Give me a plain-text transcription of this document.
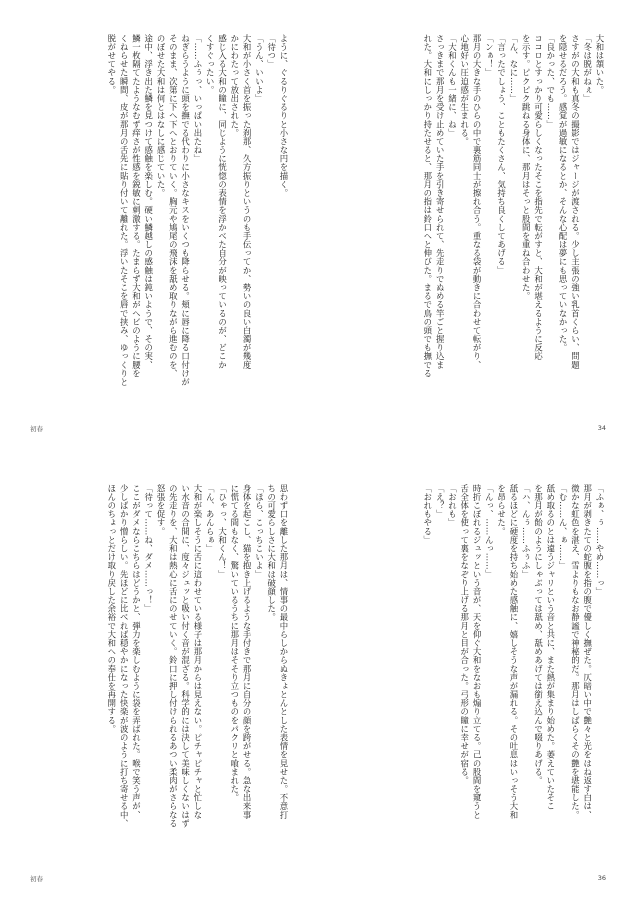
ように、ぐるりぐるりと小さな円を描く。
「待つ」
「うん、いいよ」
大和が小さく首を振った刹那、久方振りというのも手伝ってか、勢いの良い白濁が幾度
かにわたって放出された。
感じ入る大和の瞳に、同じように恍惚の表情を浮かべた自分が映っているのが、どこか
くすぐったい。
「……ふぅっ、いっぱい出たね」
ねぎらうように頭を撫でる代わりに小さなキスをいくつも降らせる。頬に唇に降る口付けが
そのまま、次第に下へ下へとおりていく。胸元や鳩尾の飛沫を舐め取りながら進むのを、
のぼせた大和は何とはなしに感じていた。
途中、浮き出た鱗を見つけて感触を楽しむ。硬い鱗越しの感触は鈍いようで、その実、
鱗一枚隔てたようなむず痒さが性感を鋭敏に刺激する。たまらず大和がへビのように腰を
くねらせた瞬間、皮が那月の舌先に貼り付いて離れた。浮いたそこを唇で挟み、ゆっくりと
脱がせてやる。
初春
大和は頷いた。
「冬は脱がねぇ」
さすがの大和も真冬の撮影ではジャージが渡される。少し主張の強い乳首くらい、問題
を隠せるだろう。感覚が過敏になるとか、そんな心配は夢にも思っていなかった。
「良かった、でも……」
ココロとすっかり可愛らしくなったそこを指先で転がすと、大和が堪えるように反応
を示す。ピクピク跳ねる身体に、那月はそっと股間を重ね合わせた。
「ん、なに……」
「言ったでしょう、こともたくさん、気持ち良くしてあげる」
「ンぁ！」
那月の大きな手のひらの中で裏筋同士が擦れ合う。重なる袋が動きに合わせて転がり、
心地好い圧迫感が生まれる。
「大和くんも一緒に、ね」
さっきまで那月を受け止めていた手を引き寄せられて、先走りでぬめる竿ごと握り込ま
れた。大和にしっかり持たせると、那月の指は鈴口へと伸びた。まるで鳥の頭でも撫でる
34
思わず口を離した那月は、情事の最中らしからぬきょとんとした表情を見せた。不意打
ちの可愛らしさに大和は破顔した。
「ほら、こっちこいよ」
身体を起こし、猫を抱き上げるような手付きで那月に自分の顔を跨がせる。急な出来事
に慌てる間もなく、驚いているうちに那月はそそり立つものをパクリと喰まれた。
「ひゃっ、大和くん！」
「ん、あんらぁ」
大和が楽しそうに舌に這わせている様子は那月からは見えない。ピチャピチャと忙しな
い水音の合間に、度々ジュッと吸い付く音が混ざる。科学的には決して美味しくないはず
の先走りを、大和は熱心に舌にのせていく。鈴口に押し付けられるあつい柔肉がさらなる
怒張を促す。
「待って……ね、ダメ……っ！」
ここがダメならこちらはどうかと、弾力を楽しむように袋を弄ばれた。喉で笑う声が、
少しばかり憎らしい。先ほどに比べれば穏やかになった快楽が波のように打ち寄せる中、
ほんのちょっとだけ取り戻した余裕で大和への奉仕を再開する。
初春
「ふぁ、ぅ……やめ……っ」
那月が剥きたての蛇腹を指の腹で優しく撫ぜた。仄暗い中で艶々と光をはね返す白は、
微かな虹色を湛え、雪よりもなお静謐で神秘的だ。那月はしばらくその艶を堪能した。
「む……ん、ぁ……」
舐め取るのとは違うジャリという音と共に、また熱が集まり始めた。萎えていたそこ
を那月が飴のようにしゃぶっては舐め、舐めあげては銜え込んで啜りあげる。
「ハ、んぅ……ふぅふ」
舐るほどに硬度を持ち始めた感触に、嬉しそうな声が漏れる。その吐息はいっそう大和
を昂らせた。
「んっ、……んっ……」
時折こぼれるジュッという音が、天を仰ぐ大和をなおも煽り立てる。己の股間を窺うと
舌全体を使って裏をなぞり上げる那月と目が合った。弓形の瞳に幸せが宿る。
「おれも」
「え？」
「おれもやる」
36
